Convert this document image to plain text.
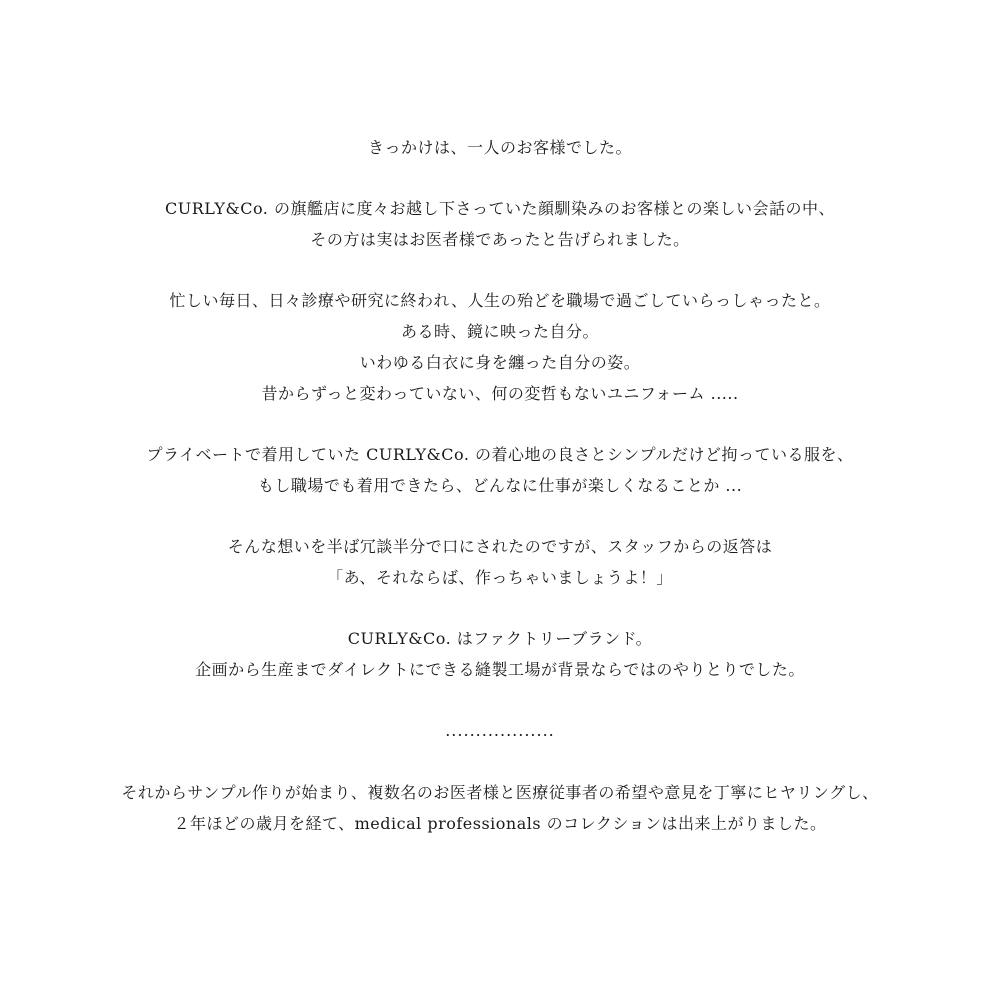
きっかけは、一人のお客様でした。

CURLY&Co. の旗艦店に度々お越し下さっていた顔馴染みのお客様との楽しい会話の中、
その方は実はお医者様であったと告げられました。

忙しい毎日、日々診療や研究に終われ、人生の殆どを職場で過ごしていらっしゃったと。
ある時、鏡に映った自分。
いわゆる白衣に身を纏った自分の姿。
昔からずっと変わっていない、何の変哲もないユニフォーム .....

プライベートで着用していた CURLY&Co. の着心地の良さとシンプルだけど拘っている服を、
もし職場でも着用できたら、どんなに仕事が楽しくなることか ...

そんな想いを半ば冗談半分で口にされたのですが、スタッフからの返答は
「あ、それならば、作っちゃいましょうよ！」

CURLY&Co. はファクトリーブランド。
企画から生産までダイレクトにできる縫製工場が背景ならではのやりとりでした。

..................

それからサンプル作りが始まり、複数名のお医者様と医療従事者の希望や意見を丁寧にヒヤリングし、
２年ほどの歳月を経て、medical professionals のコレクションは出来上がりました。
